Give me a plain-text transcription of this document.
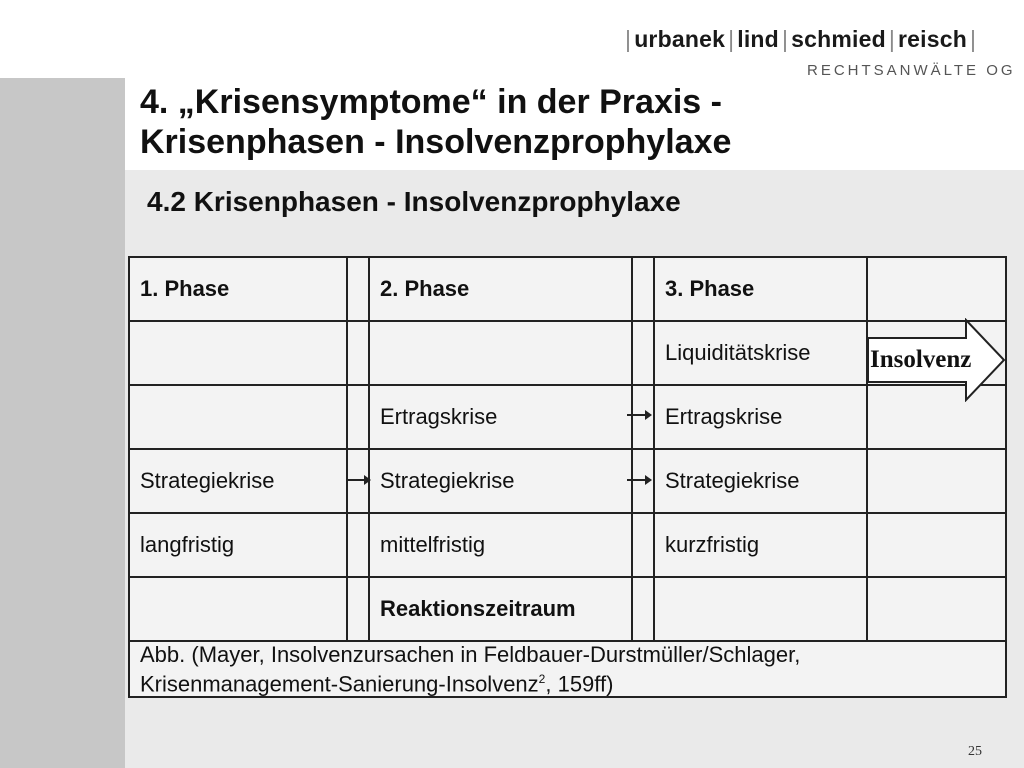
| urbanek | lind | schmied | reisch |
RECHTSANWÄLTE OG
4. „Krisensymptome“ in der Praxis -
Krisenphasen - Insolvenzprophylaxe
4.2 Krisenphasen - Insolvenzprophylaxe
1. Phase		2. Phase		3. Phase	
				Liquiditätskrise	
		Ertragskrise		Ertragskrise	
Strategiekrise		Strategiekrise		Strategiekrise	
langfristig		mittelfristig		kurzfristig	
		Reaktionszeitraum			

Abb. (Mayer, Insolvenzursachen in Feldbauer-Durstmüller/Schlager,
Krisenmanagement-Sanierung-Insolvenz$^2$, 159ff)					
Insolvenz
25
